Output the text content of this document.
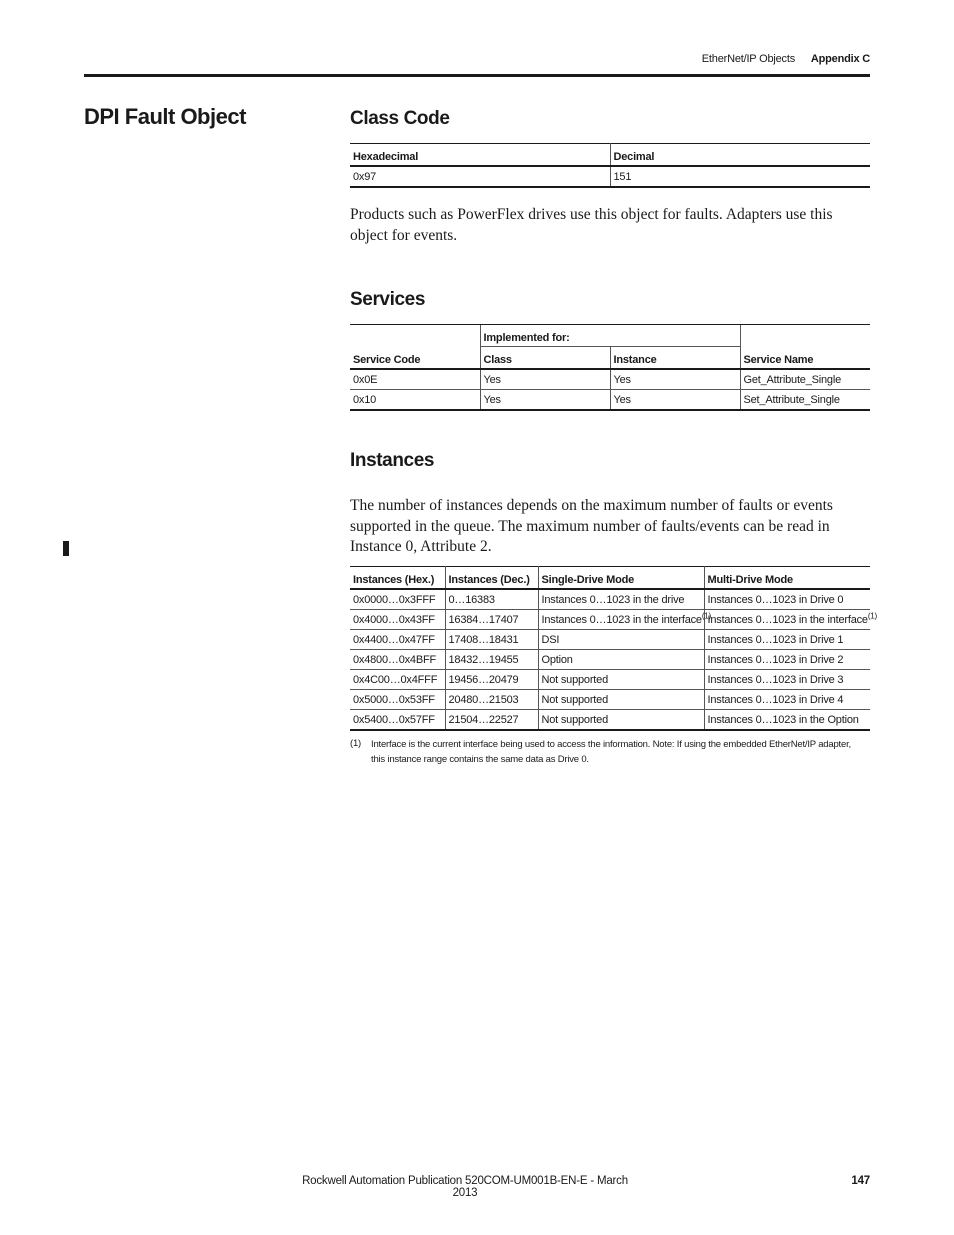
EtherNet/IP Objects	Appendix C
DPI Fault Object	Class Code
Hexadecimal	Decimal
0x97	151

Products such as PowerFlex drives use this object for faults. Adapters use this object for events.

Services
Service Code	Implemented for:		Service Name
	Class	Instance	
0x0E	Yes	Yes	Get_Attribute_Single
0x10	Yes	Yes	Set_Attribute_Single
Instances

The number of instances depends on the maximum number of faults or events supported in the queue. The maximum number of faults/events can be read in Instance 0, Attribute 2.

Instances (Hex.)	Instances (Dec.)	Single-Drive Mode	Multi-Drive Mode
0x0000…0x3FFF	0…16383	Instances 0…1023 in the drive	Instances 0…1023 in Drive 0
0x4000…0x43FF	16384…17407	Instances 0…1023 in the interface$^{(1)}$	Instances 0…1023 in the interface$^{(1)}$
0x4400…0x47FF	17408…18431	DSI	Instances 0…1023 in Drive 1
0x4800…0x4BFF	18432…19455	Option	Instances 0…1023 in Drive 2
0x4C00…0x4FFF	19456…20479	Not supported	Instances 0…1023 in Drive 3
0x5000…0x53FF	20480…21503	Not supported	Instances 0…1023 in Drive 4
0x5400…0x57FF	21504…22527	Not supported	Instances 0…1023 in the Option
(1) Interface is the current interface being used to access the information. Note: If using the embedded EtherNet/IP adapter, this instance range contains the same data as Drive 0.
Rockwell Automation Publication 520COM-UM001B-EN-E - March 2013
147
